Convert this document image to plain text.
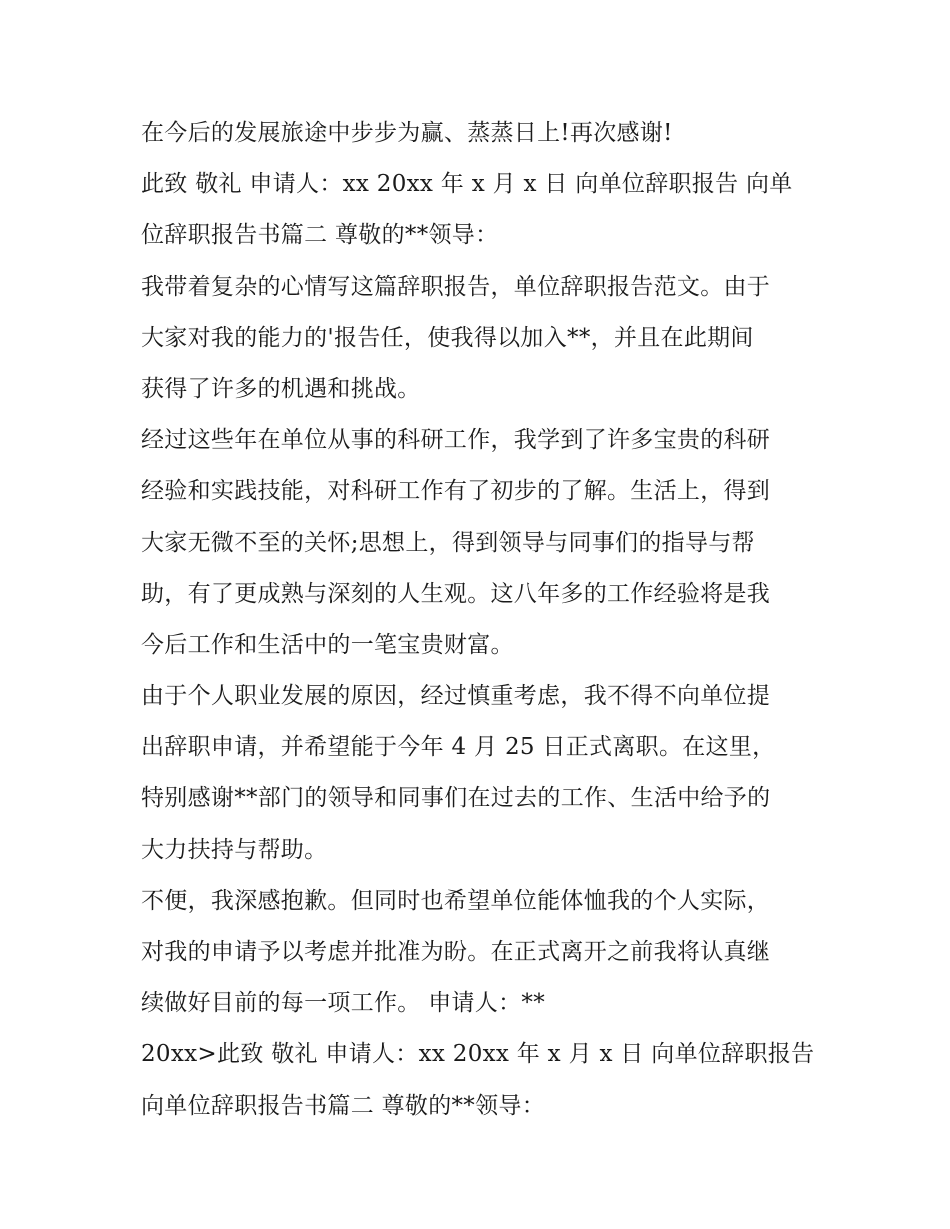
在今后的发展旅途中步步为赢、蒸蒸日上!再次感谢!
此致 敬礼 申请人：xx 20xx 年 x 月 x 日 向单位辞职报告 向单
位辞职报告书篇二 尊敬的**领导：
我带着复杂的心情写这篇辞职报告，单位辞职报告范文。由于
大家对我的能力的'报告任，使我得以加入**，并且在此期间
获得了许多的机遇和挑战。
经过这些年在单位从事的科研工作，我学到了许多宝贵的科研
经验和实践技能，对科研工作有了初步的了解。生活上，得到
大家无微不至的关怀;思想上，得到领导与同事们的指导与帮
助，有了更成熟与深刻的人生观。这八年多的工作经验将是我
今后工作和生活中的一笔宝贵财富。
由于个人职业发展的原因，经过慎重考虑，我不得不向单位提
出辞职申请，并希望能于今年 4 月 25 日正式离职。在这里，
特别感谢**部门的领导和同事们在过去的工作、生活中给予的
大力扶持与帮助。
不便，我深感抱歉。但同时也希望单位能体恤我的个人实际，
对我的申请予以考虑并批准为盼。在正式离开之前我将认真继
续做好目前的每一项工作。 申请人：**
20xx>此致 敬礼 申请人：xx 20xx 年 x 月 x 日 向单位辞职报告
向单位辞职报告书篇二 尊敬的**领导：
